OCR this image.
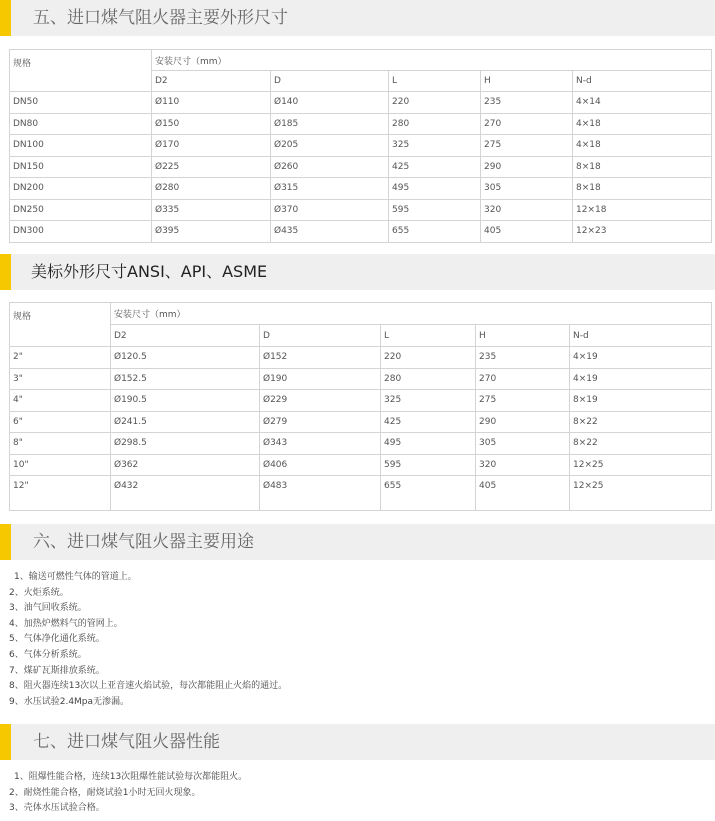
五、进口煤气阻火器主要外形尺寸
规格	安装尺寸（mm）				
	D2	D	L	H	N-d
DN50	Ø110	Ø140	220	235	4×14
DN80	Ø150	Ø185	280	270	4×18
DN100	Ø170	Ø205	325	275	4×18
DN150	Ø225	Ø260	425	290	8×18
DN200	Ø280	Ø315	495	305	8×18
DN250	Ø335	Ø370	595	320	12×18
DN300	Ø395	Ø435	655	405	12×23
美标外形尺寸ANSI、API、ASME
规格	安装尺寸（mm）				
	D2	D	L	H	N-d
2"	Ø120.5	Ø152	220	235	4×19
3"	Ø152.5	Ø190	280	270	4×19
4"	Ø190.5	Ø229	325	275	8×19
6"	Ø241.5	Ø279	425	290	8×22
8"	Ø298.5	Ø343	495	305	8×22
10"	Ø362	Ø406	595	320	12×25
12"	Ø432	Ø483	655	405	12×25
六、进口煤气阻火器主要用途
1、输送可燃性气体的管道上。
2、火炬系统。
3、油气回收系统。
4、加热炉燃料气的管网上。
5、气体净化通化系统。
6、气体分析系统。
7、煤矿瓦斯排放系统。
8、阻火器连续13次以上亚音速火焰试验，每次都能阻止火焰的通过。
9、水压试验2.4Mpa无渗漏。
七、进口煤气阻火器性能
1、阻爆性能合格，连续13次阻爆性能试验每次都能阻火。
2、耐烧性能合格，耐烧试验1小时无回火现象。
3、壳体水压试验合格。
